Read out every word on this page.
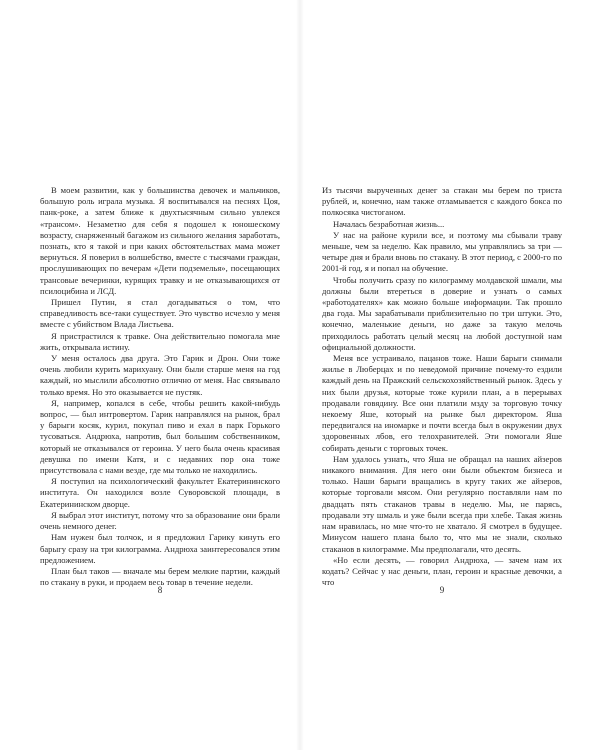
В моем развитии, как у большинства девочек и мальчиков, большую роль играла музыка. Я воспитывался на песнях Цоя, панк-роке, а затем ближе к двухтысячным сильно увлекся «трансом». Незаметно для себя я подошел к юношескому возрасту, снаряженный багажом из сильного желания заработать, познать, кто я такой и при каких обстоятельствах мама может вернуться. Я поверил в волшебство, вместе с тысячами граждан, прослушивающих по вечерам «Дети подземелья», посещающих трансовые вечеринки, курящих травку и не отказывающихся от псилоцибина и ЛСД.

Пришел Путин, я стал догадываться о том, что справедливость все-таки существует. Это чувство исчезло у меня вместе с убийством Влада Листьева.

Я пристрастился к травке. Она действительно помогала мне жить, открывала истину.

У меня осталось два друга. Это Гарик и Дрон. Они тоже очень любили курить марихуану. Они были старше меня на год каждый, но мыслили абсолютно отлично от меня. Нас связывало только время. Но это оказывается не пустяк.

Я, например, копался в себе, чтобы решить какой-нибудь вопрос, — был интровертом. Гарик направлялся на рынок, брал у барыги косяк, курил, покупал пиво и ехал в парк Горького тусоваться. Андрюха, напротив, был большим собственником, который не отказывался от героина. У него была очень красивая девушка по имени Катя, и с недавних пор она тоже присутствовала с нами везде, где мы только не находились.

Я поступил на психологический факультет Екатерининского института. Он находился возле Суворовской площади, в Екатерининском дворце.

Я выбрал этот институт, потому что за образование они брали очень немного денег.

Нам нужен был толчок, и я предложил Гарику кинуть его барыгу сразу на три килограмма. Андрюха заинтересовался этим предложением.

План был таков — вначале мы берем мелкие партии, каждый по стакану в руки, и продаем весь товар в течение недели.

8

Из тысячи вырученных денег за стакан мы берем по триста рублей, и, конечно, нам также отламывается с каждого бокса по полкосяка чистоганом.

Началась безработная жизнь...

У нас на районе курили все, и поэтому мы сбывали траву меньше, чем за неделю. Как правило, мы управлялись за три — четыре дня и брали вновь по стакану. В этот период, с 2000-го по 2001-й год, я и попал на обучение.

Чтобы получить сразу по килограмму молдавской шмали, мы должны были втереться в доверие и узнать о самых «работодателях» как можно больше информации. Так прошло два года. Мы зарабатывали приблизительно по три штуки. Это, конечно, маленькие деньги, но даже за такую мелочь приходилось работать целый месяц на любой доступной нам официальной должности.

Меня все устраивало, пацанов тоже. Наши барыги снимали жилье в Люберцах и по неведомой причине почему-то ездили каждый день на Пражский сельскохозяйственный рынок. Здесь у них были друзья, которые тоже курили план, а в перерывах продавали говядину. Все они платили мзду за торговую точку некоему Яше, который на рынке был директором. Яша передвигался на иномарке и почти всегда был в окружении двух здоровенных лбов, его телохранителей. Эти помогали Яше собирать деньги с торговых точек.

Нам удалось узнать, что Яша не обращал на наших айзеров никакого внимания. Для него они были объектом бизнеса и только. Наши барыги вращались в кругу таких же айзеров, которые торговали мясом. Они регулярно поставляли нам по двадцать пять стаканов травы в неделю. Мы, не парясь, продавали эту шмаль и уже были всегда при хлебе. Такая жизнь нам нравилась, но мне что-то не хватало. Я смотрел в будущее. Минусом нашего плана было то, что мы не знали, сколько стаканов в килограмме. Мы предполагали, что десять.

«Но если десять, — говорил Андрюха, — зачем нам их кодать? Сейчас у нас деньги, план, героин и красные девочки, а что

9
